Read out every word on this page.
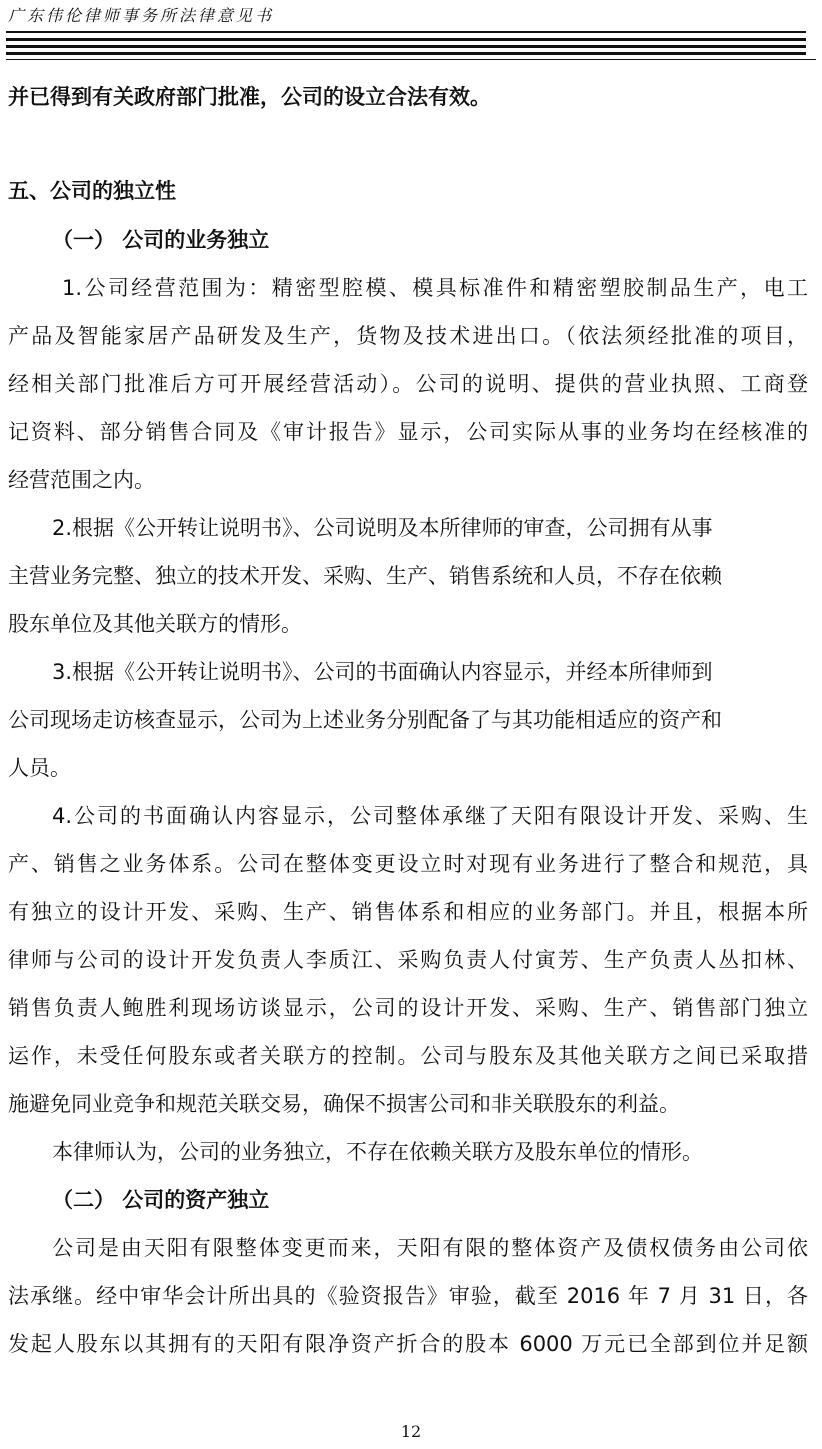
广东伟伦律师事务所法律意见书
并已得到有关政府部门批准，公司的设立合法有效。
五、公司的独立性
（一） 公司的业务独立
1.公司经营范围为：精密型腔模、模具标准件和精密塑胶制品生产，电工
产品及智能家居产品研发及生产，货物及技术进出口。（依法须经批准的项目，
经相关部门批准后方可开展经营活动）。公司的说明、提供的营业执照、工商登
记资料、部分销售合同及《审计报告》显示，公司实际从事的业务均在经核准的
经营范围之内。
2.根据《公开转让说明书》、公司说明及本所律师的审查，公司拥有从事
主营业务完整、独立的技术开发、采购、生产、销售系统和人员，不存在依赖
股东单位及其他关联方的情形。
3.根据《公开转让说明书》、公司的书面确认内容显示，并经本所律师到
公司现场走访核查显示，公司为上述业务分别配备了与其功能相适应的资产和
人员。
4.公司的书面确认内容显示，公司整体承继了天阳有限设计开发、采购、生
产、销售之业务体系。公司在整体变更设立时对现有业务进行了整合和规范，具
有独立的设计开发、采购、生产、销售体系和相应的业务部门。并且，根据本所
律师与公司的设计开发负责人李质江、采购负责人付寅芳、生产负责人丛扣林、
销售负责人鲍胜利现场访谈显示，公司的设计开发、采购、生产、销售部门独立
运作，未受任何股东或者关联方的控制。公司与股东及其他关联方之间已采取措
施避免同业竞争和规范关联交易，确保不损害公司和非关联股东的利益。
本律师认为，公司的业务独立，不存在依赖关联方及股东单位的情形。
（二） 公司的资产独立
公司是由天阳有限整体变更而来，天阳有限的整体资产及债权债务由公司依
法承继。经中审华会计所出具的《验资报告》审验，截至 2016 年 7 月 31 日，各
发起人股东以其拥有的天阳有限净资产折合的股本 6000 万元已全部到位并足额
12
